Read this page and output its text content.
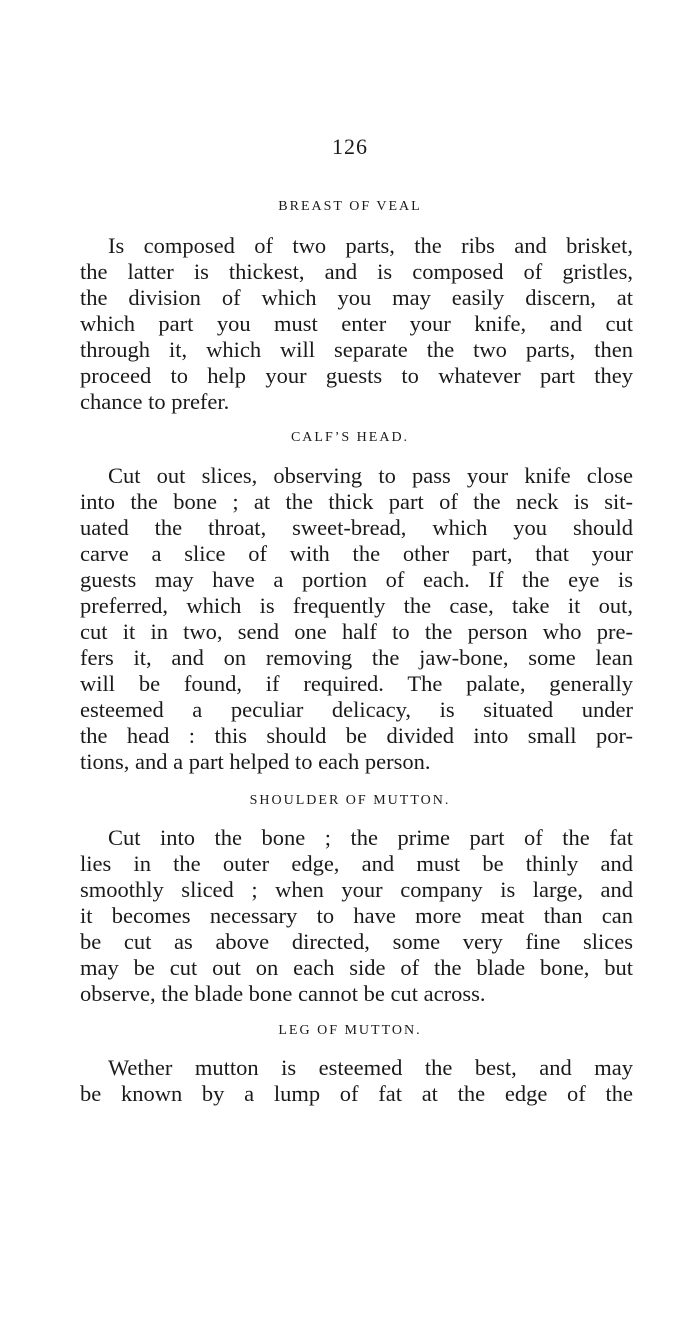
126
BREAST OF VEAL

Is composed of two parts, the ribs and brisket,
the latter is thickest, and is composed of gristles,
the division of which you may easily discern, at
which part you must enter your knife, and cut
through it, which will separate the two parts, then
proceed to help your guests to whatever part they
chance to prefer.

CALF’S HEAD.

Cut out slices, observing to pass your knife close
into the bone ; at the thick part of the neck is sit-
uated the throat, sweet-bread, which you should
carve a slice of with the other part, that your
guests may have a portion of each. If the eye is
preferred, which is frequently the case, take it out,
cut it in two, send one half to the person who pre-
fers it, and on removing the jaw-bone, some lean
will be found, if required. The palate, generally
esteemed a peculiar delicacy, is situated under
the head : this should be divided into small por-
tions, and a part helped to each person.

SHOULDER OF MUTTON.

Cut into the bone ; the prime part of the fat
lies in the outer edge, and must be thinly and
smoothly sliced ; when your company is large, and
it becomes necessary to have more meat than can
be cut as above directed, some very fine slices
may be cut out on each side of the blade bone, but
observe, the blade bone cannot be cut across.

LEG OF MUTTON.

Wether mutton is esteemed the best, and may
be known by a lump of fat at the edge of the
